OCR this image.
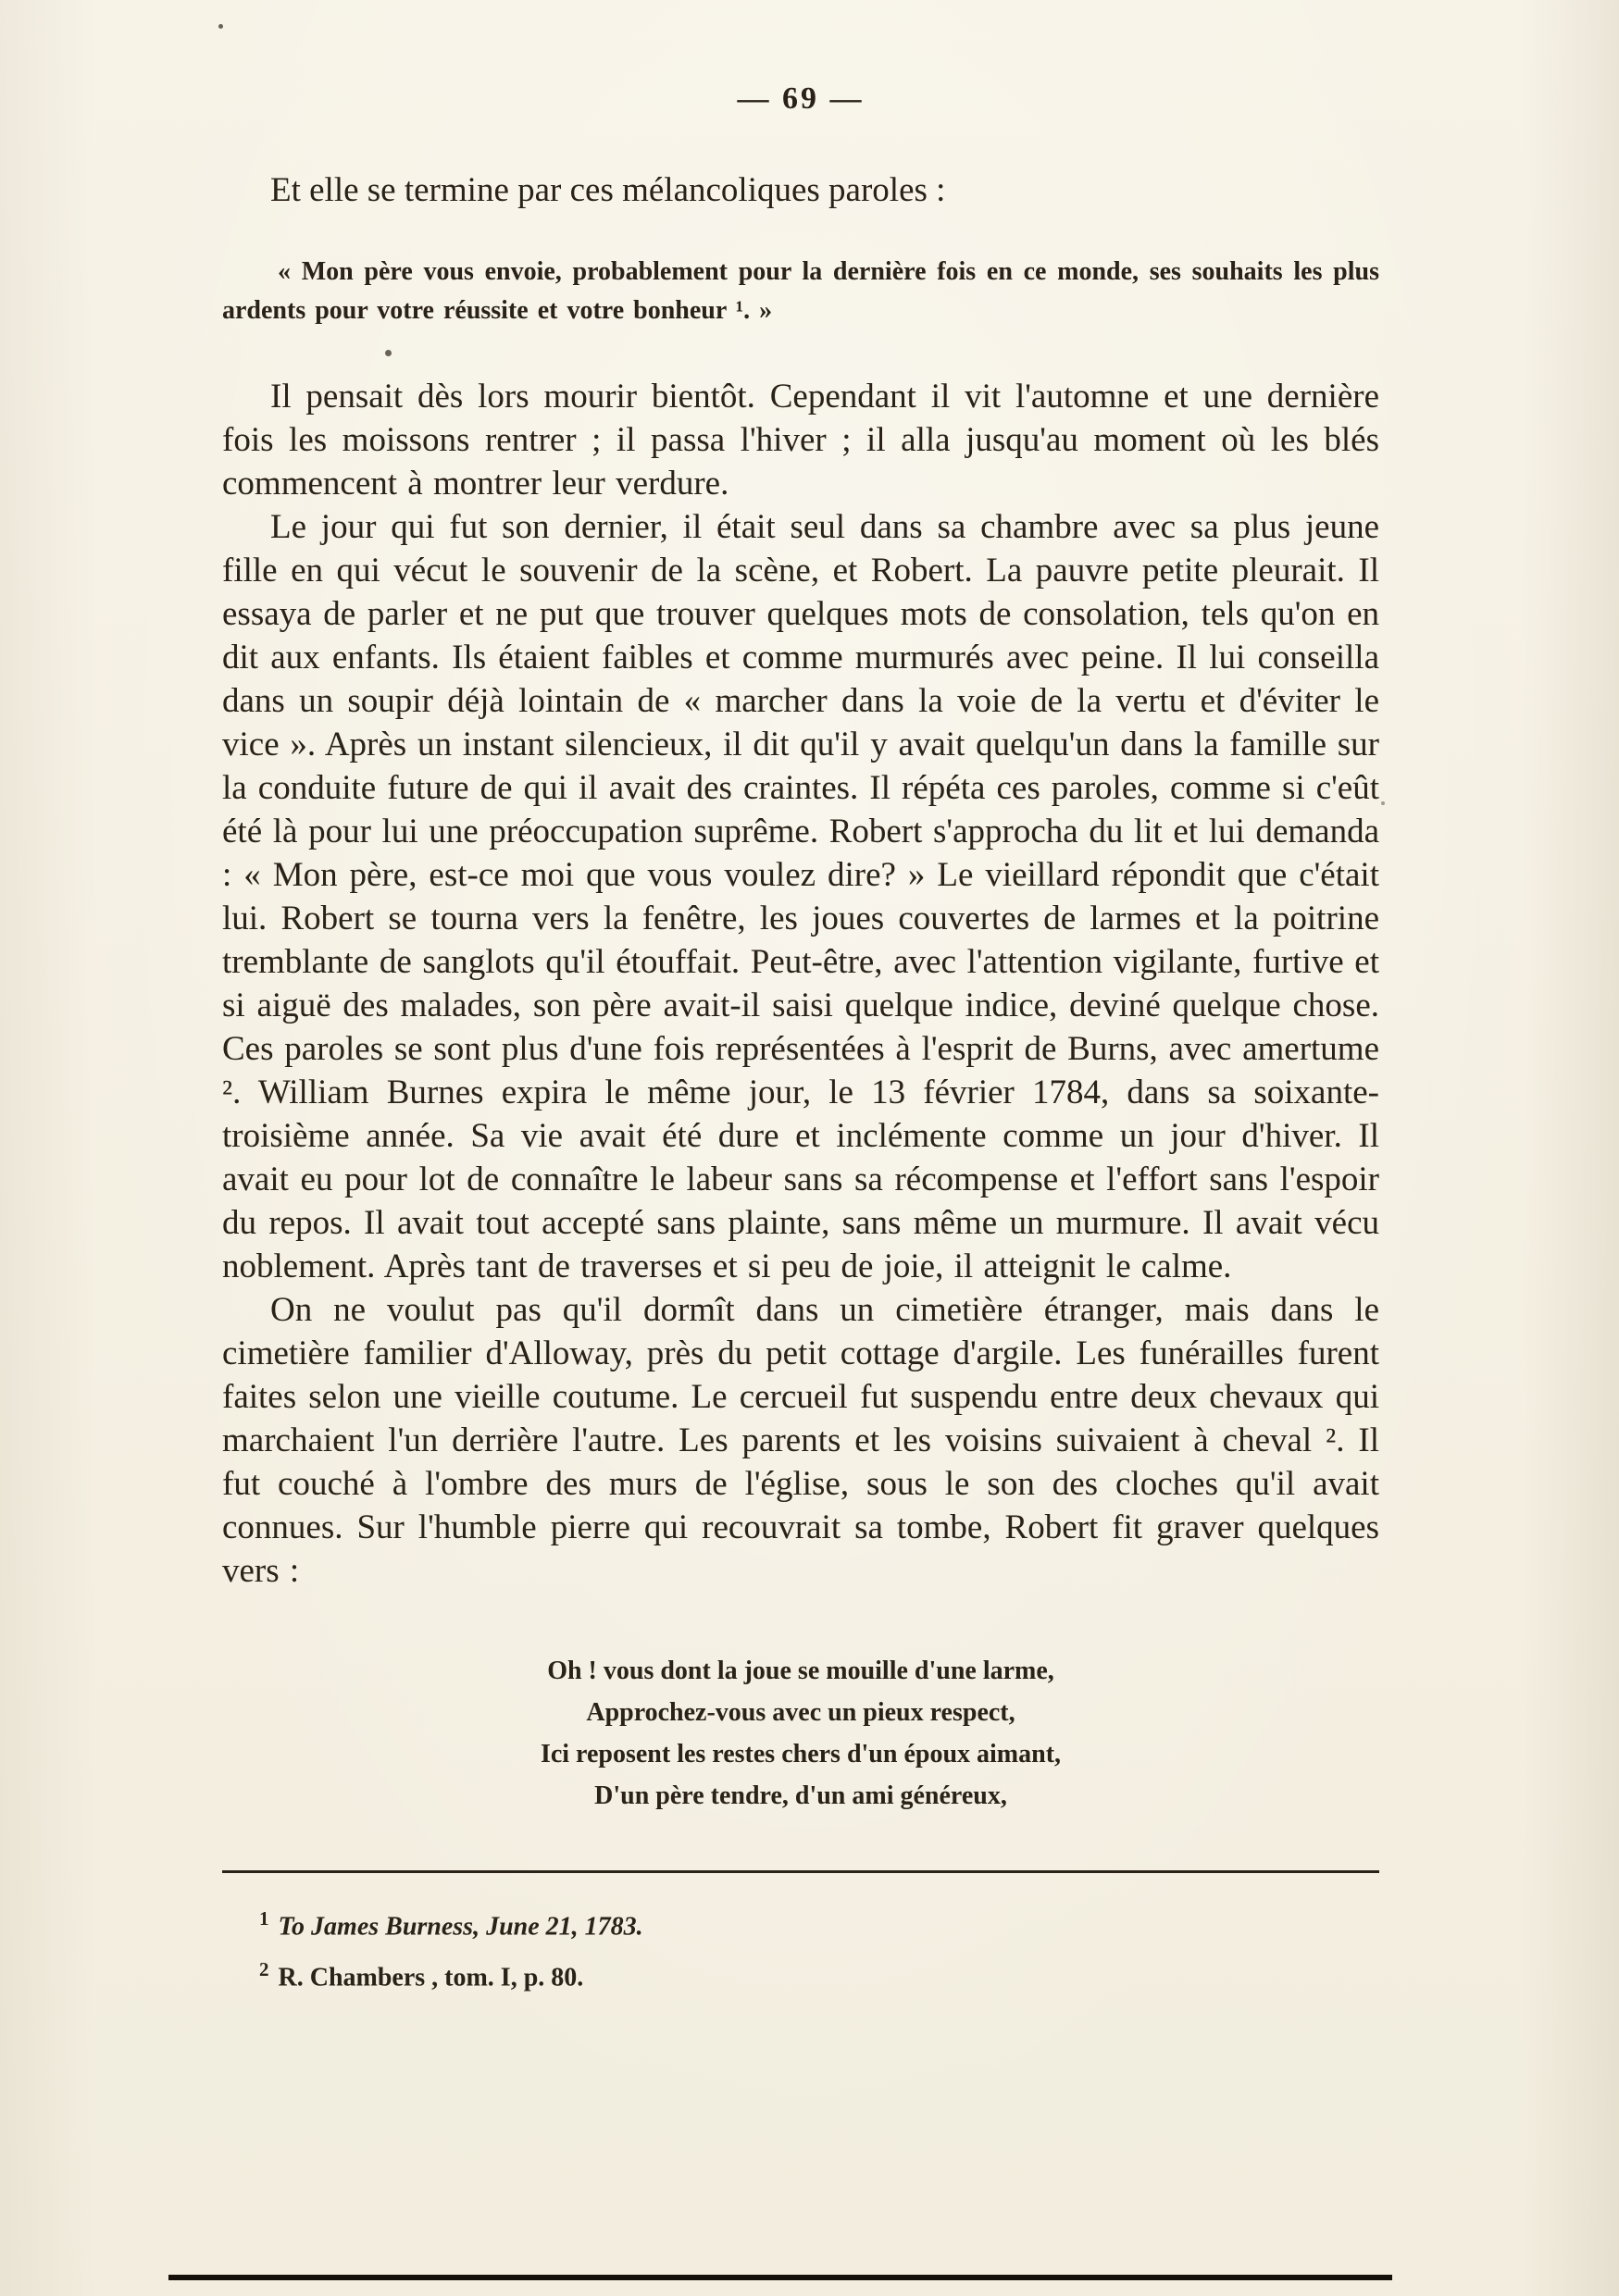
— 69 —

Et elle se termine par ces mélancoliques paroles :

« Mon père vous envoie, probablement pour la dernière fois en ce monde, ses souhaits les plus ardents pour votre réussite et votre bonheur ¹. »

Il pensait dès lors mourir bientôt. Cependant il vit l'automne et une dernière fois les moissons rentrer ; il passa l'hiver ; il alla jusqu'au moment où les blés commencent à montrer leur verdure.

Le jour qui fut son dernier, il était seul dans sa chambre avec sa plus jeune fille en qui vécut le souvenir de la scène, et Robert. La pauvre petite pleurait. Il essaya de parler et ne put que trouver quelques mots de consolation, tels qu'on en dit aux enfants. Ils étaient faibles et comme murmurés avec peine. Il lui conseilla dans un soupir déjà lointain de « marcher dans la voie de la vertu et d'éviter le vice ». Après un instant silencieux, il dit qu'il y avait quelqu'un dans la famille sur la conduite future de qui il avait des craintes. Il répéta ces paroles, comme si c'eût été là pour lui une préoccupation suprême. Robert s'approcha du lit et lui demanda : « Mon père, est-ce moi que vous voulez dire? » Le vieillard répondit que c'était lui. Robert se tourna vers la fenêtre, les joues couvertes de larmes et la poitrine tremblante de sanglots qu'il étouffait. Peut-être, avec l'attention vigilante, furtive et si aiguë des malades, son père avait-il saisi quelque indice, deviné quelque chose. Ces paroles se sont plus d'une fois représentées à l'esprit de Burns, avec amertume ². William Burnes expira le même jour, le 13 février 1784, dans sa soixante-troisième année. Sa vie avait été dure et inclémente comme un jour d'hiver. Il avait eu pour lot de connaître le labeur sans sa récompense et l'effort sans l'espoir du repos. Il avait tout accepté sans plainte, sans même un murmure. Il avait vécu noblement. Après tant de traverses et si peu de joie, il atteignit le calme.

On ne voulut pas qu'il dormît dans un cimetière étranger, mais dans le cimetière familier d'Alloway, près du petit cottage d'argile. Les funérailles furent faites selon une vieille coutume. Le cercueil fut suspendu entre deux chevaux qui marchaient l'un derrière l'autre. Les parents et les voisins suivaient à cheval ². Il fut couché à l'ombre des murs de l'église, sous le son des cloches qu'il avait connues. Sur l'humble pierre qui recouvrait sa tombe, Robert fit graver quelques vers :

Oh ! vous dont la joue se mouille d'une larme,
Approchez-vous avec un pieux respect,
Ici reposent les restes chers d'un époux aimant,
D'un père tendre, d'un ami généreux,
$^1$ To James Burness, June 21, 1783.
$^2$ R. Chambers , tom. I, p. 80.
